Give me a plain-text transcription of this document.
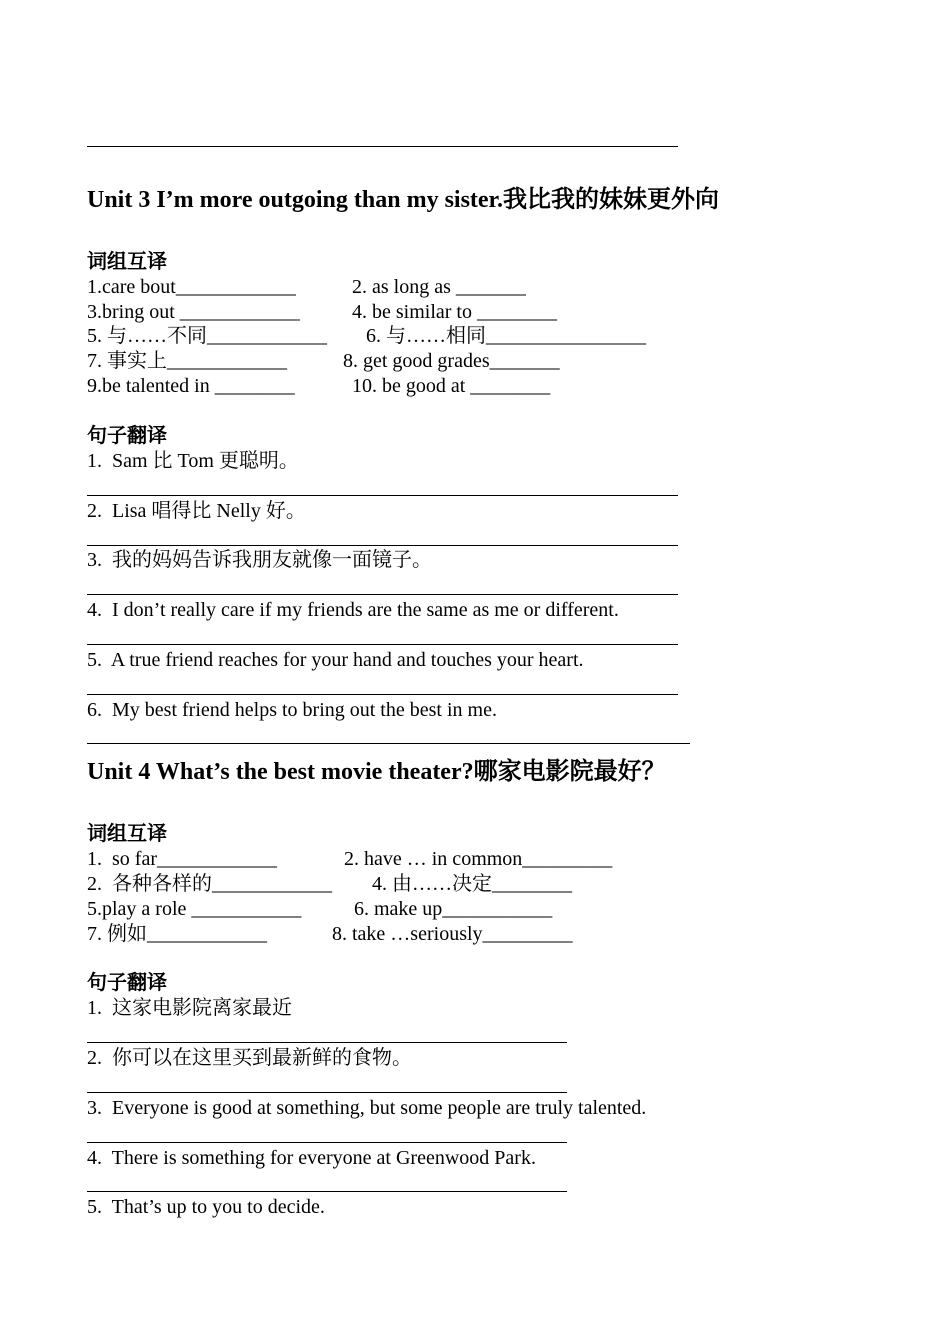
Unit 3 I’m more outgoing than my sister.我比我的妹妹更外向
词组互译
1.care bout____________	2. as long as _______
3.bring out ____________	4. be similar to ________
5. 与……不同____________ 6. 与……相同________________
7. 事实上____________	8. get good grades_______
9.be talented in ________	10. be good at ________
句子翻译
1.  Sam 比 Tom 更聪明。
2.  Lisa 唱得比 Nelly 好。
3.  我的妈妈告诉我朋友就像一面镜子。
4.  I don’t really care if my friends are the same as me or different.
5.  A true friend reaches for your hand and touches your heart.
6.  My best friend helps to bring out the best in me.
Unit 4 What’s the best movie theater?哪家电影院最好？
词组互译
1.  so far____________	2. have … in common_________
2.  各种各样的____________ 4. 由……决定________
5.play a role ___________	6. make up___________
7. 例如____________	8. take …seriously_________
句子翻译
1.  这家电影院离家最近
2.  你可以在这里买到最新鲜的食物。
3.  Everyone is good at something, but some people are truly talented.
4.  There is something for everyone at Greenwood Park.
5.  That’s up to you to decide.
